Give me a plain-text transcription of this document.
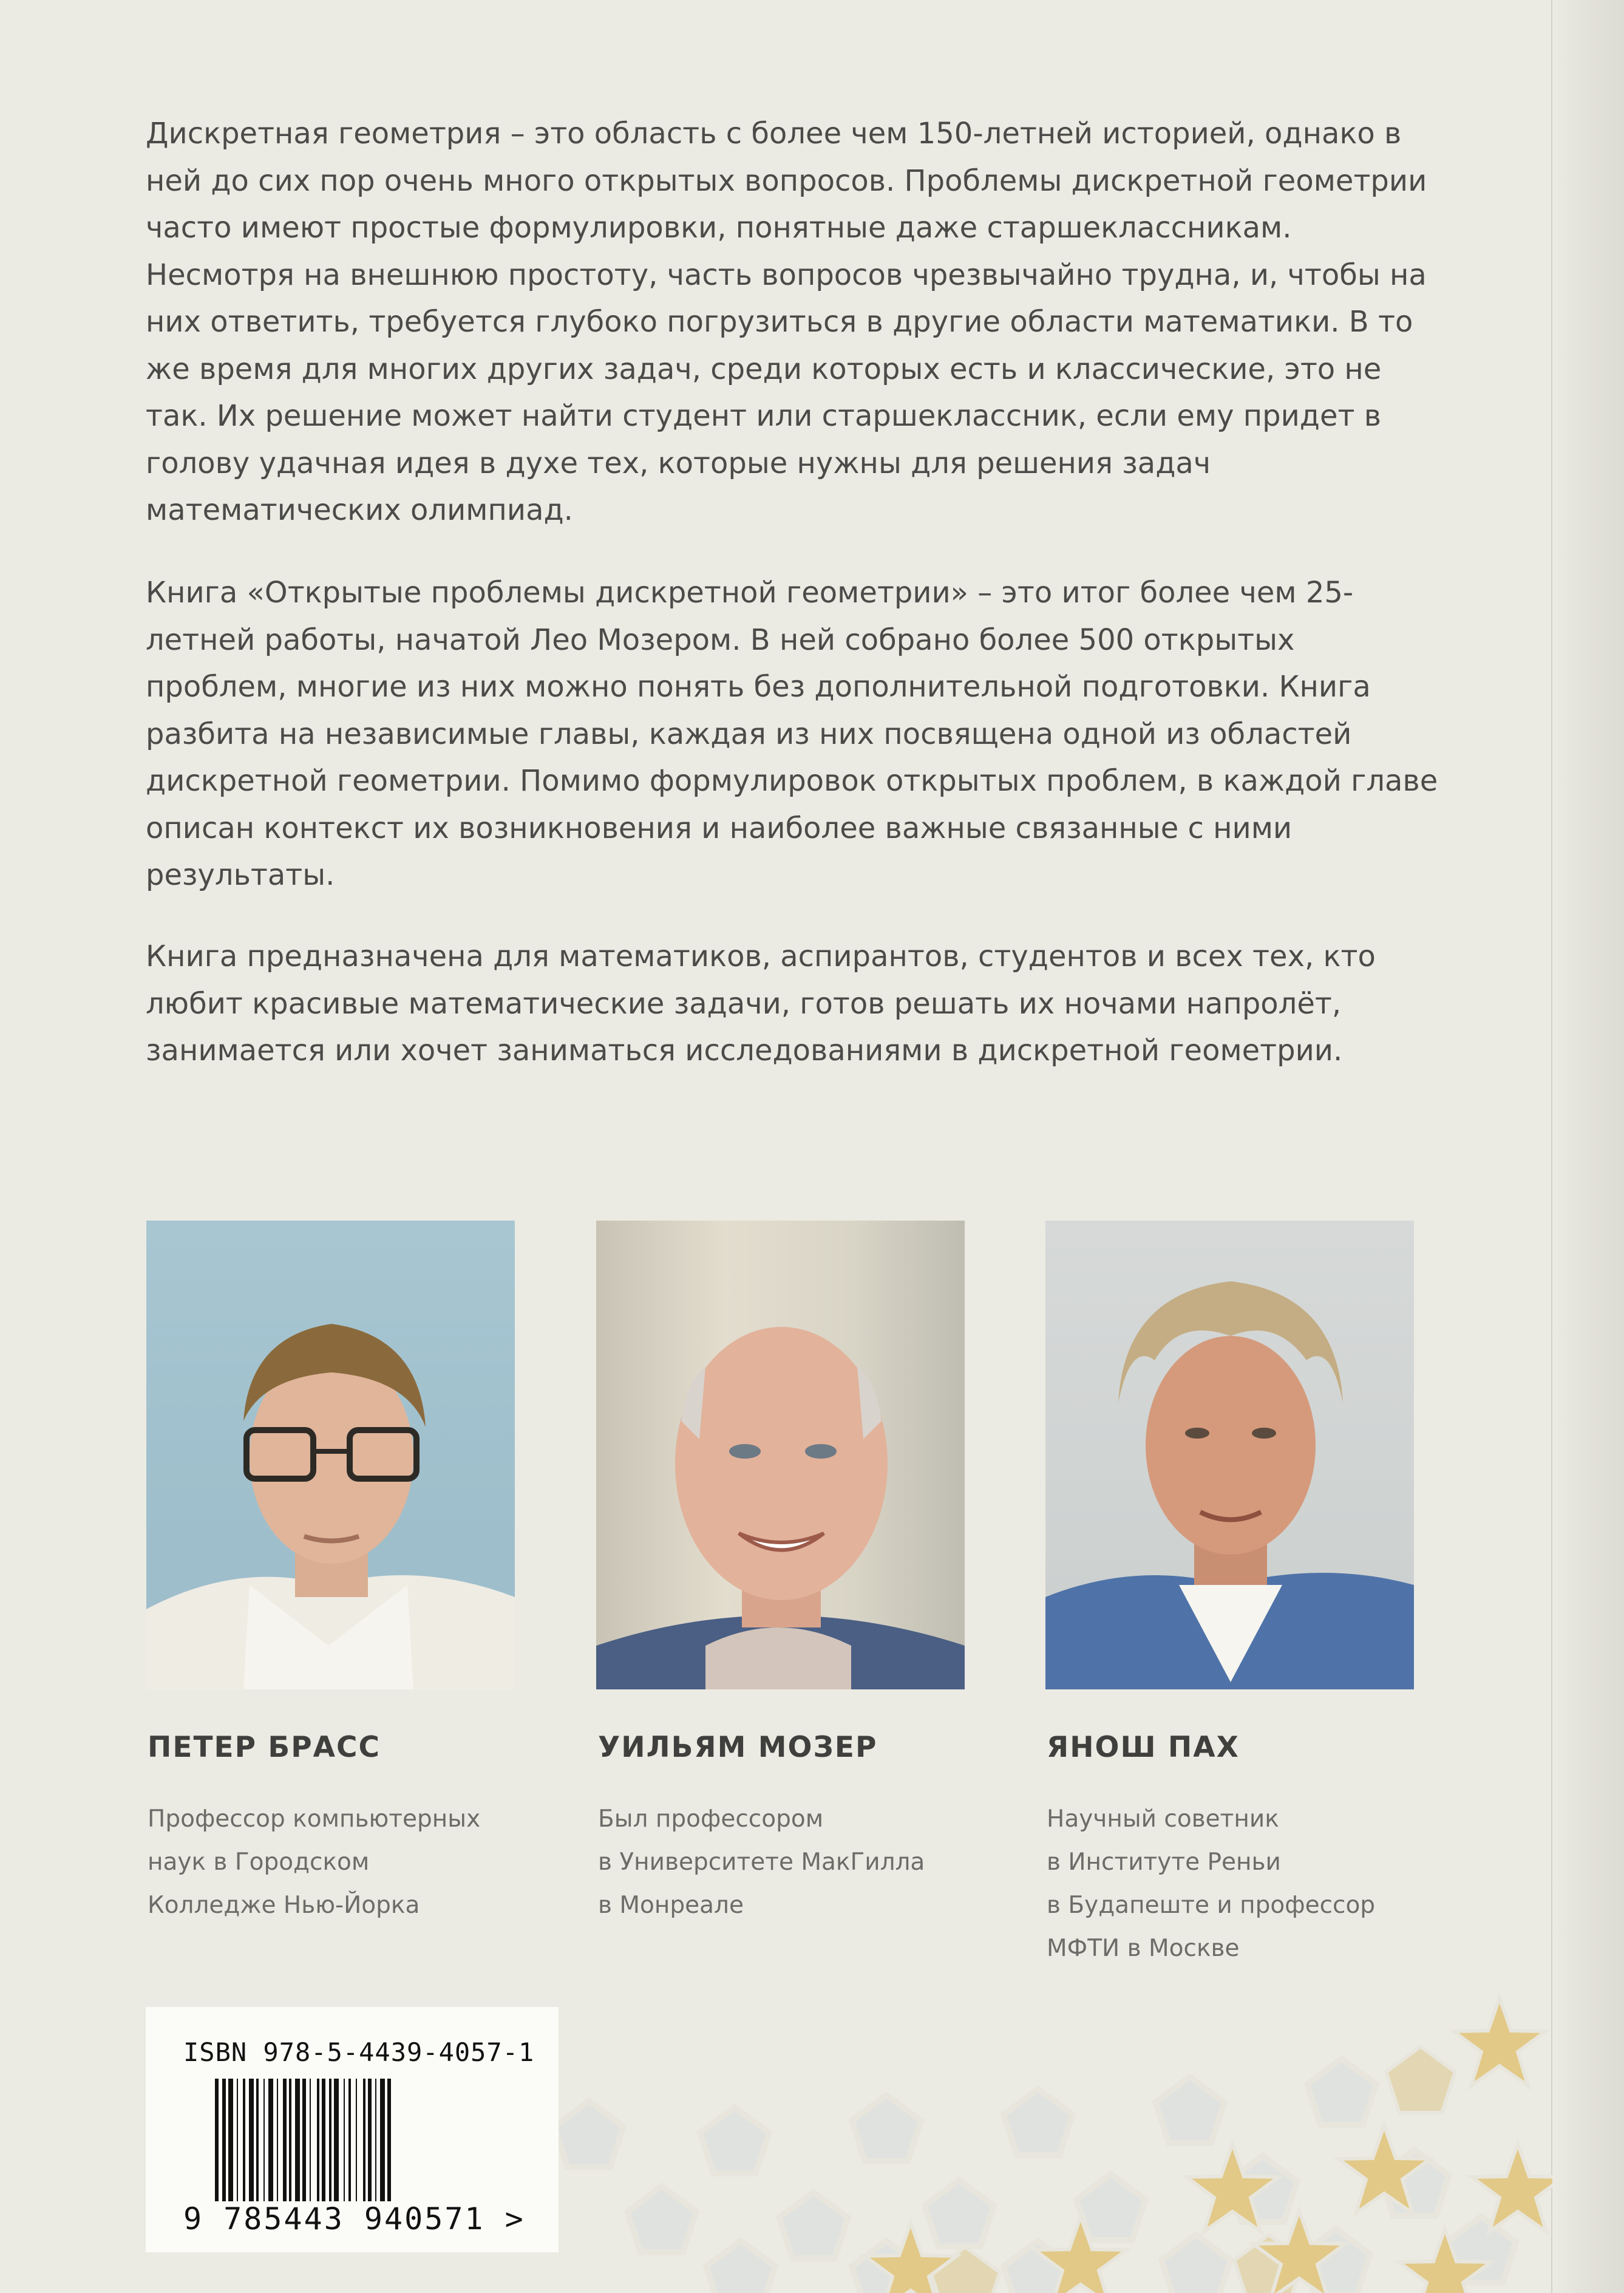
Дискретная геометрия – это область с более чем 150-летней историей, однако в ней до сих пор очень много открытых вопросов. Проблемы дискретной геометрии часто имеют простые формулировки, понятные даже старшеклассникам. Несмотря на внешнюю простоту, часть вопросов чрезвычайно трудна, и, чтобы на них ответить, требуется глубоко погрузиться в другие области математики. В то же время для многих других задач, среди которых есть и классические, это не так. Их решение может найти студент или старшеклассник, если ему придет в голову удачная идея в духе тех, которые нужны для решения задач математических олимпиад.

Книга «Открытые проблемы дискретной геометрии» – это итог более чем 25-летней работы, начатой Лео Мозером. В ней собрано более 500 открытых проблем, многие из них можно понять без дополнительной подготовки. Книга разбита на независимые главы, каждая из них посвящена одной из областей дискретной геометрии. Помимо формулировок открытых проблем, в каждой главе описан контекст их возникновения и наиболее важные связанные с ними результаты.

Книга предназначена для математиков, аспирантов, студентов и всех тех, кто любит красивые математические задачи, готов решать их ночами напролёт, занимается или хочет заниматься исследованиями в дискретной геометрии.

ПЕТЕР БРАСС	УИЛЬЯМ МОЗЕР	ЯНОШ ПАХ
Профессор компьютерных
наук в Городском
Колледже Нью-Йорка
Был профессором
в Университете МакГилла
в Монреале
Научный советник
в Институте Реньи
в Будапеште и профессор
МФТИ в Москве
ISBN 978-5-4439-4057-1
9 785443 940571 >
